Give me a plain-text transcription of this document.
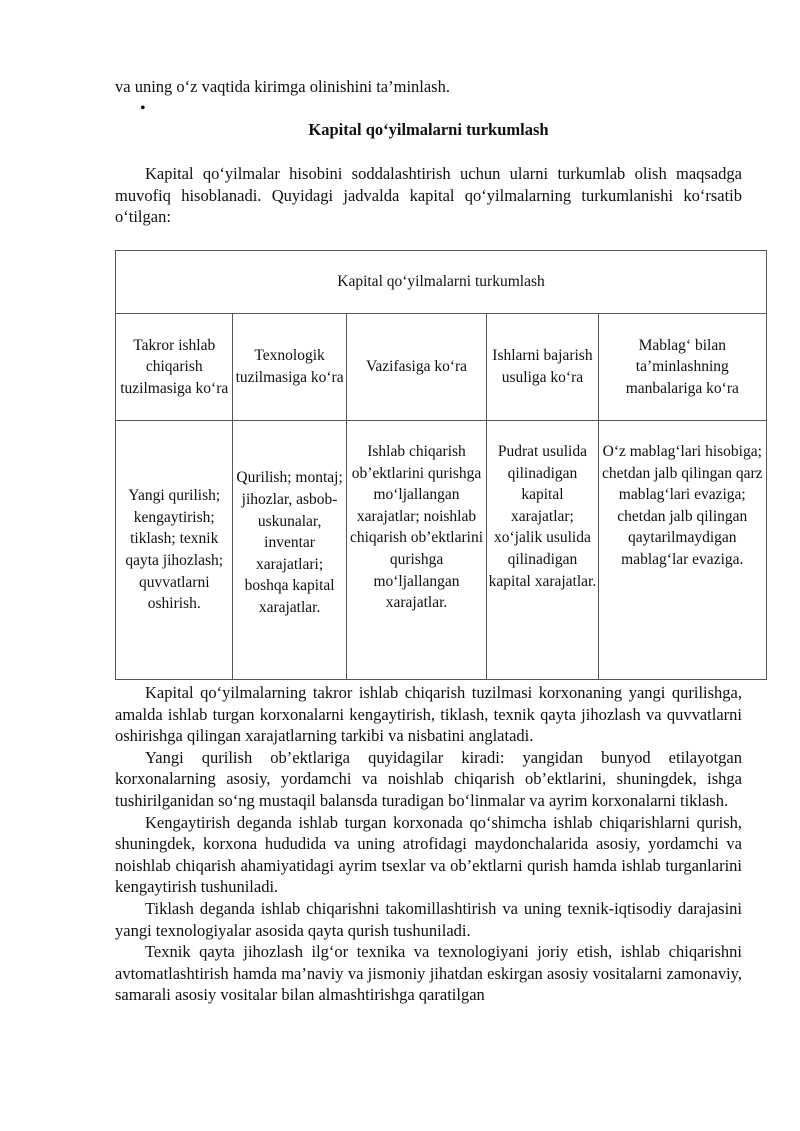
va uning o‘z vaqtida kirimga olinishini ta’minlash.
•
Kapital qo‘yilmalarni turkumlash

Kapital qo‘yilmalar hisobini soddalashtirish uchun ularni turkumlab olish maqsadga muvofiq hisoblanadi. Quyidagi jadvalda kapital qo‘yilmalarning turkumlanishi ko‘rsatib o‘tilgan:

Kapital qo‘yilmalarni turkumlash				
Takror ishlab chiqarish tuzilmasiga ko‘ra	Texnologik tuzilmasiga ko‘ra	Vazifasiga ko‘ra	Ishlarni bajarish usuliga ko‘ra	Mablag‘ bilan ta’minlashning manbalariga ko‘ra
Yangi qurilish; kengaytirish; tiklash; texnik qayta jihozlash; quvvatlarni oshirish.	Qurilish; montaj; jihozlar, asbob-uskunalar, inventar xarajatlari; boshqa kapital xarajatlar.	Ishlab chiqarish ob’ektlarini qurishga mo‘ljallangan xarajatlar; noishlab chiqarish ob’ektlarini qurishga mo‘ljallangan xarajatlar.	Pudrat usulida qilinadigan kapital xarajatlar; xo‘jalik usulida qilinadigan kapital xarajatlar.	O‘z mablag‘lari hisobiga; chetdan jalb qilingan qarz mablag‘lari evaziga; chetdan jalb qilingan qaytarilmaydigan mablag‘lar evaziga.

Kapital qo‘yilmalarning takror ishlab chiqarish tuzilmasi korxonaning yangi qurilishga, amalda ishlab turgan korxonalarni kengaytirish, tiklash, texnik qayta jihozlash va quvvatlarni oshirishga qilingan xarajatlarning tarkibi va nisbatini anglatadi.

Yangi qurilish ob’ektlariga quyidagilar kiradi: yangidan bunyod etilayotgan korxonalarning asosiy, yordamchi va noishlab chiqarish ob’ektlarini, shuningdek, ishga tushirilganidan so‘ng mustaqil balansda turadigan bo‘linmalar va ayrim korxonalarni tiklash.

Kengaytirish deganda ishlab turgan korxonada qo‘shimcha ishlab chiqarishlarni qurish, shuningdek, korxona hududida va uning atrofidagi maydonchalarida asosiy, yordamchi va noishlab chiqarish ahamiyatidagi ayrim tsexlar va ob’ektlarni qurish hamda ishlab turganlarini kengaytirish tushuniladi.

Tiklash deganda ishlab chiqarishni takomillashtirish va uning texnik-iqtisodiy darajasini yangi texnologiyalar asosida qayta qurish tushuniladi.

Texnik qayta jihozlash ilg‘or texnika va texnologiyani joriy etish, ishlab chiqarishni avtomatlashtirish hamda ma’naviy va jismoniy jihatdan eskirgan asosiy vositalarni zamonaviy, samarali asosiy vositalar bilan almashtirishga qaratilgan
